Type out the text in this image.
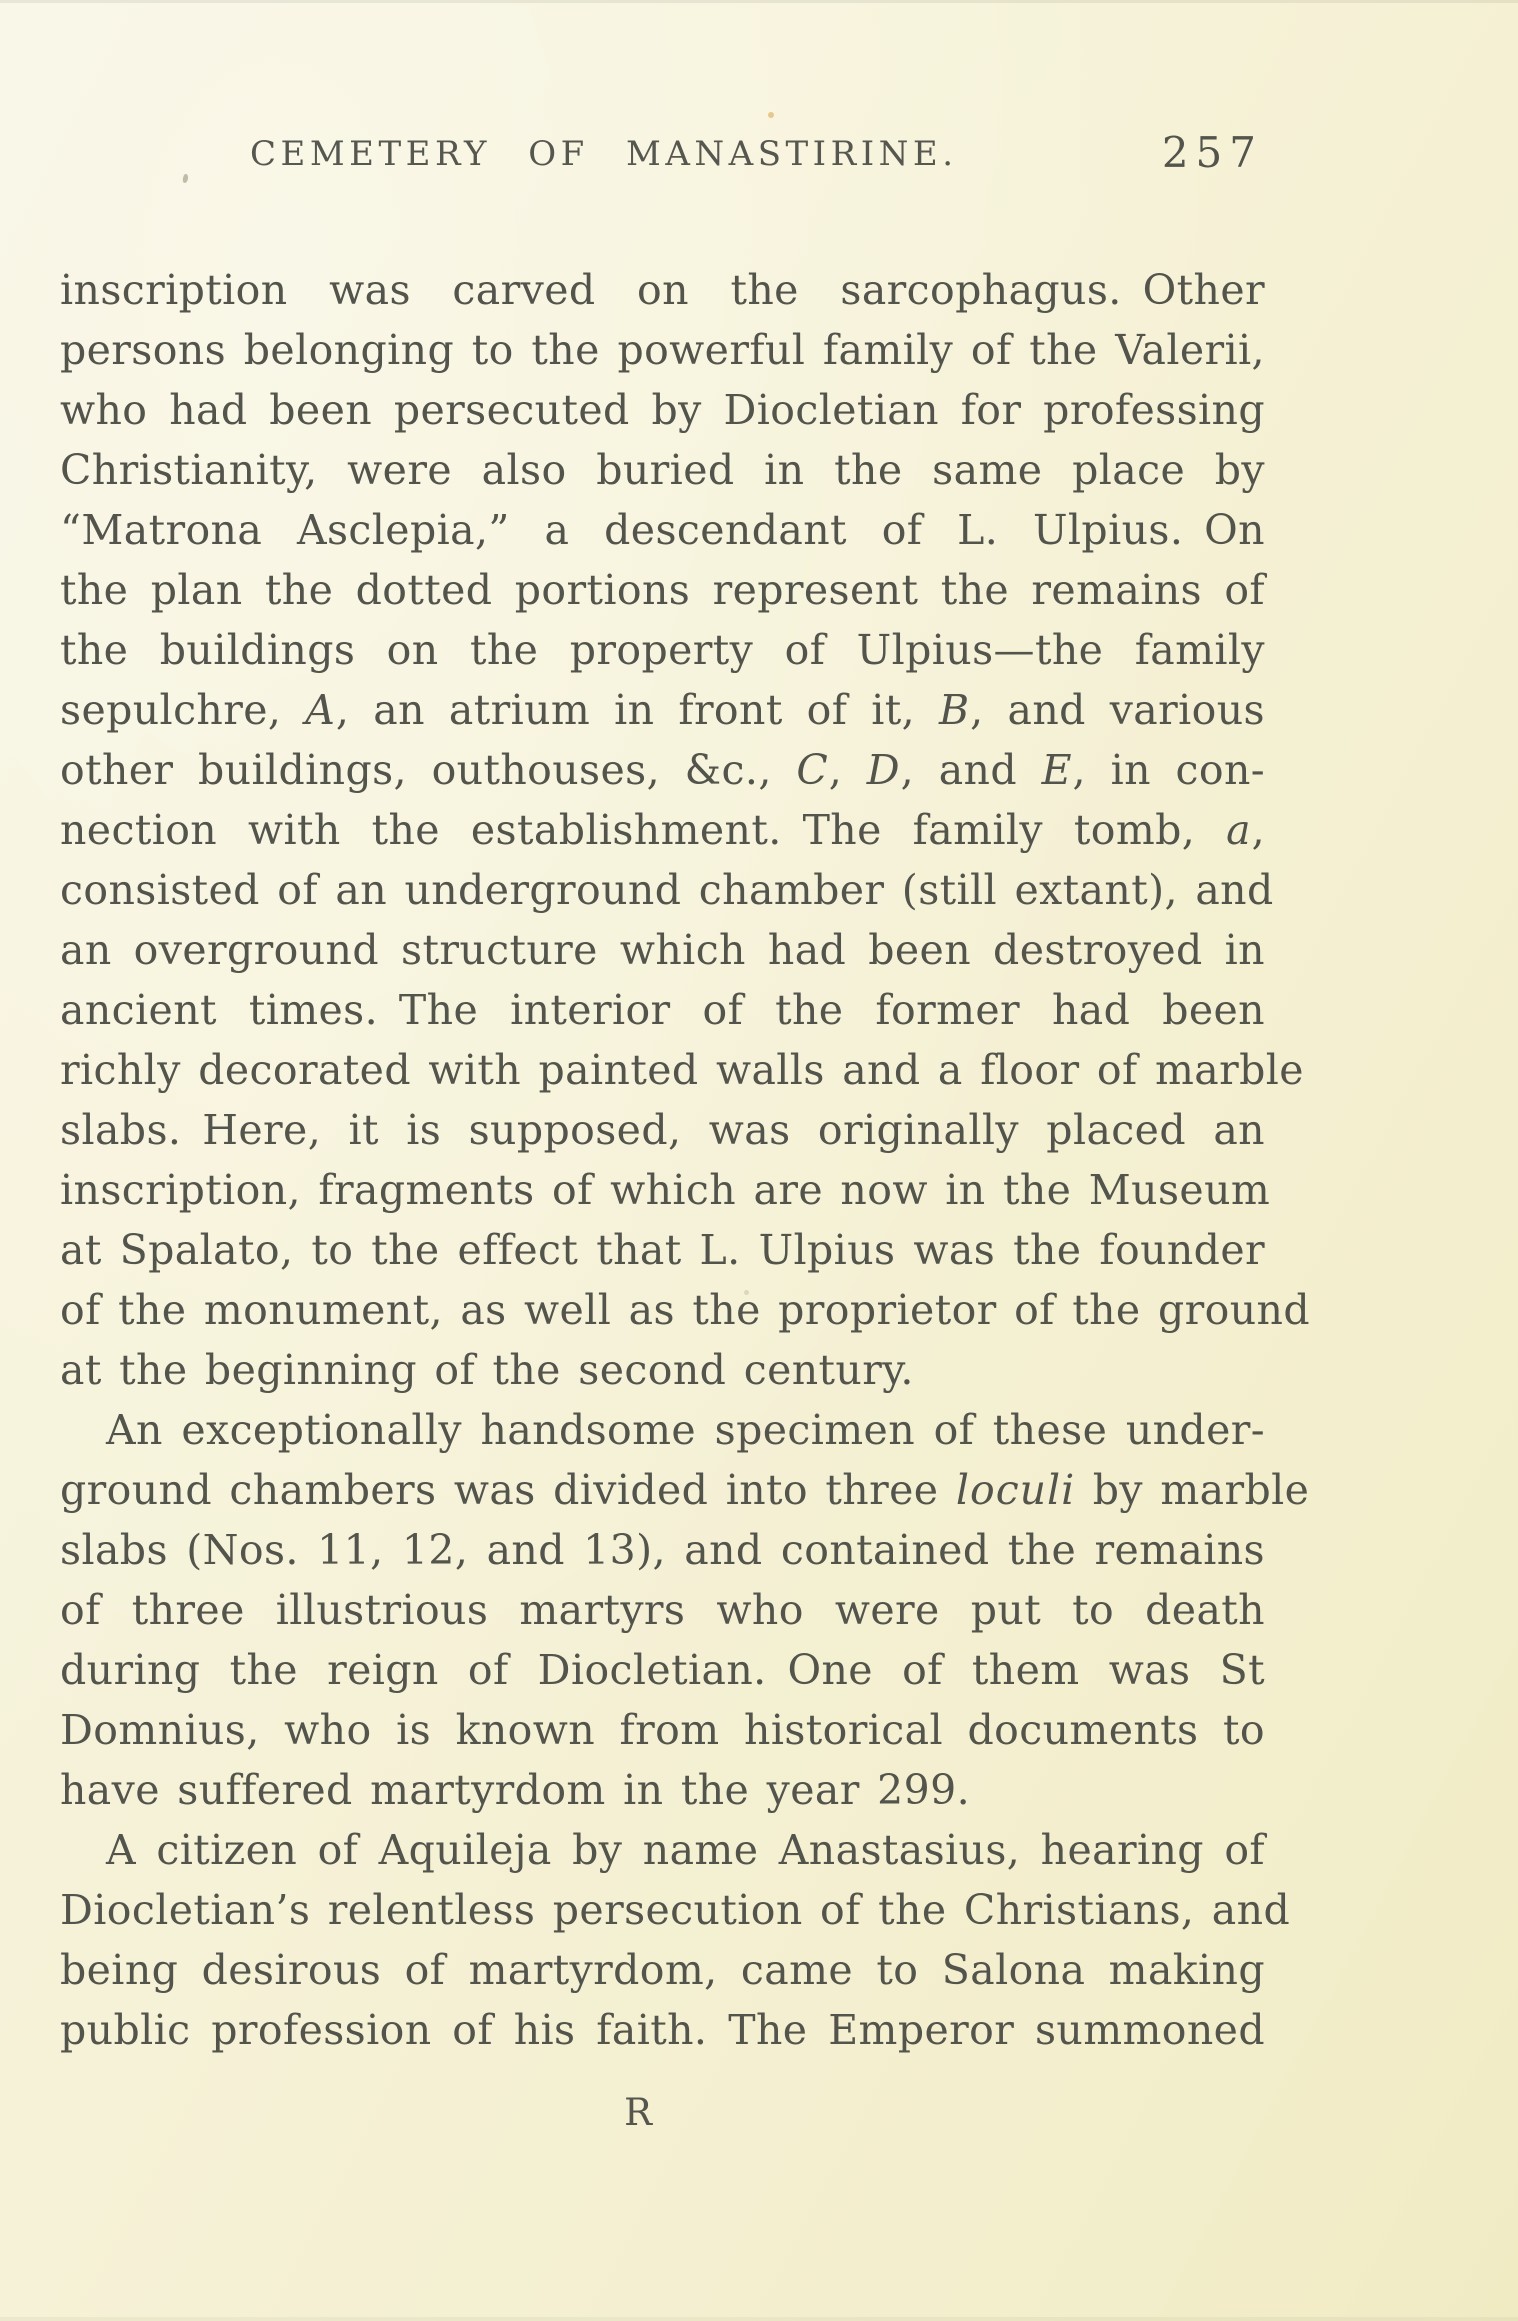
CEMETERY OF MANASTIRINE.	257
inscription was carved on the sarcophagus. Other
persons belonging to the powerful family of the Valerii,
who had been persecuted by Diocletian for professing
Christianity, were also buried in the same place by
“Matrona Asclepia,” a descendant of L. Ulpius. On
the plan the dotted portions represent the remains of
the buildings on the property of Ulpius—the family
sepulchre, A, an atrium in front of it, B, and various
other buildings, outhouses, &c., C, D, and E, in con-
nection with the establishment. The family tomb, a,
consisted of an underground chamber (still extant), and
an overground structure which had been destroyed in
ancient times. The interior of the former had been
richly decorated with painted walls and a floor of marble
slabs. Here, it is supposed, was originally placed an
inscription, fragments of which are now in the Museum
at Spalato, to the effect that L. Ulpius was the founder
of the monument, as well as the proprietor of the ground
at the beginning of the second century.
An exceptionally handsome specimen of these under-
ground chambers was divided into three loculi by marble
slabs (Nos. 11, 12, and 13), and contained the remains
of three illustrious martyrs who were put to death
during the reign of Diocletian. One of them was St
Domnius, who is known from historical documents to
have suffered martyrdom in the year 299.
A citizen of Aquileja by name Anastasius, hearing of
Diocletian’s relentless persecution of the Christians, and
being desirous of martyrdom, came to Salona making
public profession of his faith. The Emperor summoned
R
